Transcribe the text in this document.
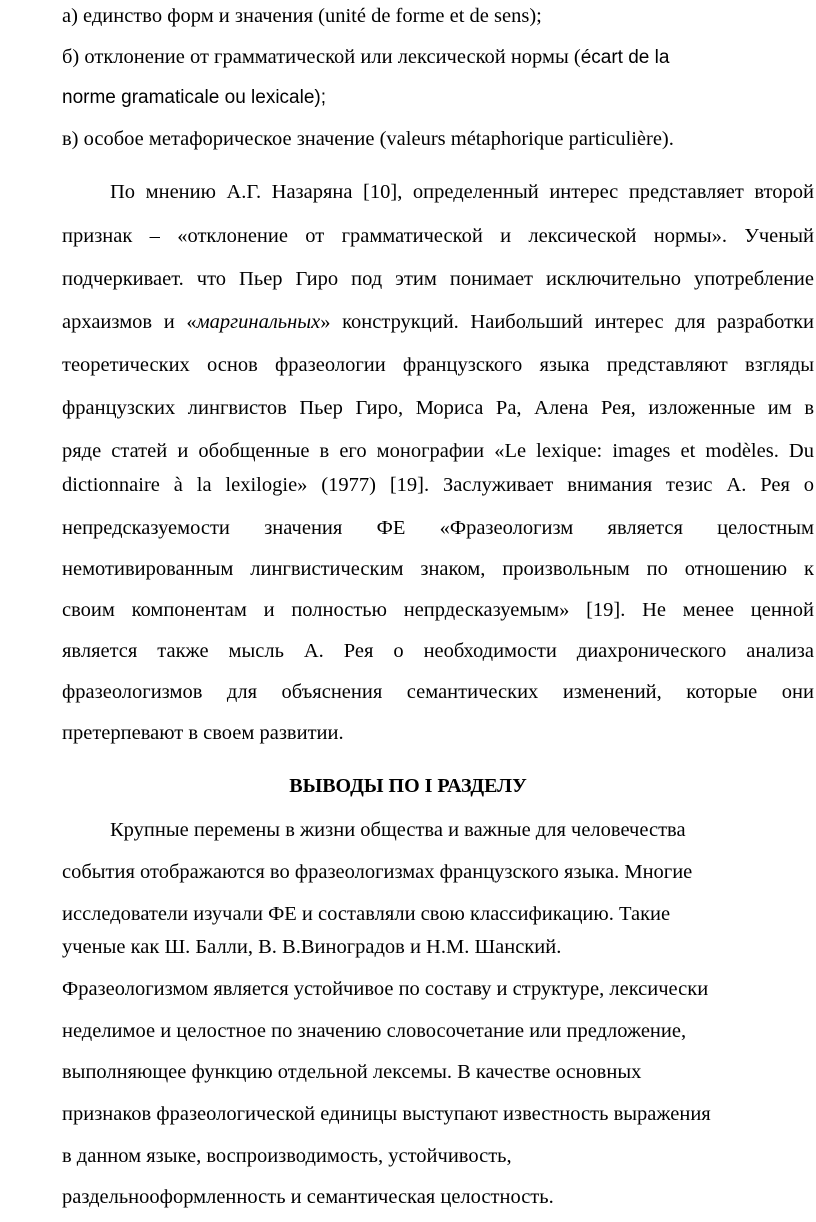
а) единство форм и значения (unité de forme et de sens);
б) отклонение от грамматической или лексической нормы (écart de la
norme gramaticale ou lexicale);
в) особое метафорическое значение (valeurs métaphorique particulière).
По мнению А.Г. Назаряна [10], определенный интерес представляет второй
признак – «отклонение от грамматической и лексической нормы». Ученый
подчеркивает. что Пьер Гиро под этим понимает исключительно употребление
архаизмов и «маргинальных» конструкций. Наибольший интерес для разработки
теоретических основ фразеологии французского языка представляют взгляды
французских лингвистов Пьер Гиро, Мориса Ра, Алена Рея, изложенные им в
ряде статей и обобщенные в его монографии «Le lexique: images et modèles. Du
dictionnaire à la lexilogie» (1977) [19]. Заслуживает внимания тезис А. Рея о
непредсказуемости значения ФЕ «Фразеологизм является целостным
немотивированным лингвистическим знаком, произвольным по отношению к
своим компонентам и полностью непрдесказуемым» [19]. Не менее ценной
является также мысль А. Рея о необходимости диахронического анализа
фразеологизмов для объяснения семантических изменений, которые они
претерпевают в своем развитии.
ВЫВОДЫ ПО I РАЗДЕЛУ
Крупные перемены в жизни общества и важные для человечества
события отображаются во фразеологизмах французского языка. Многие
исследователи изучали ФЕ и составляли свою классификацию. Такие
ученые как Ш. Балли, В. В.Виноградов и Н.М. Шанский.
Фразеологизмом является устойчивое по составу и структуре, лексически
неделимое и целостное по значению словосочетание или предложение,
выполняющее функцию отдельной лексемы. В качестве основных
признаков фразеологической единицы выступают известность выражения
в данном языке, воспроизводимость, устойчивость,
раздельнооформленность и семантическая целостность.
